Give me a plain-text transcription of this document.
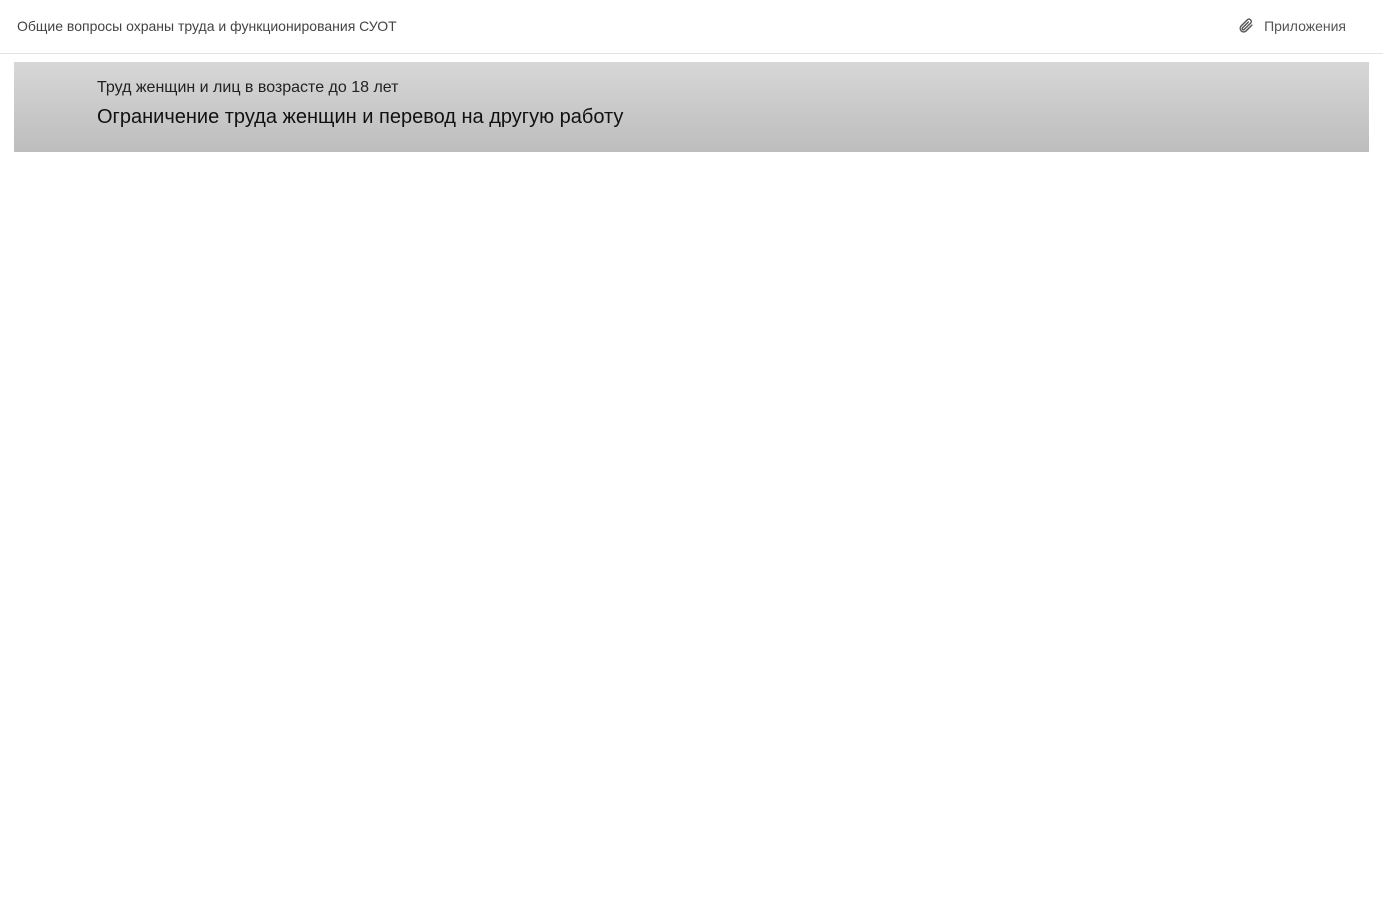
Общие вопросы охраны труда и функционирования СУОТ	Приложения
Труд женщин и лиц в возрасте до 18 лет
Ограничение труда женщин и перевод на другую работу
